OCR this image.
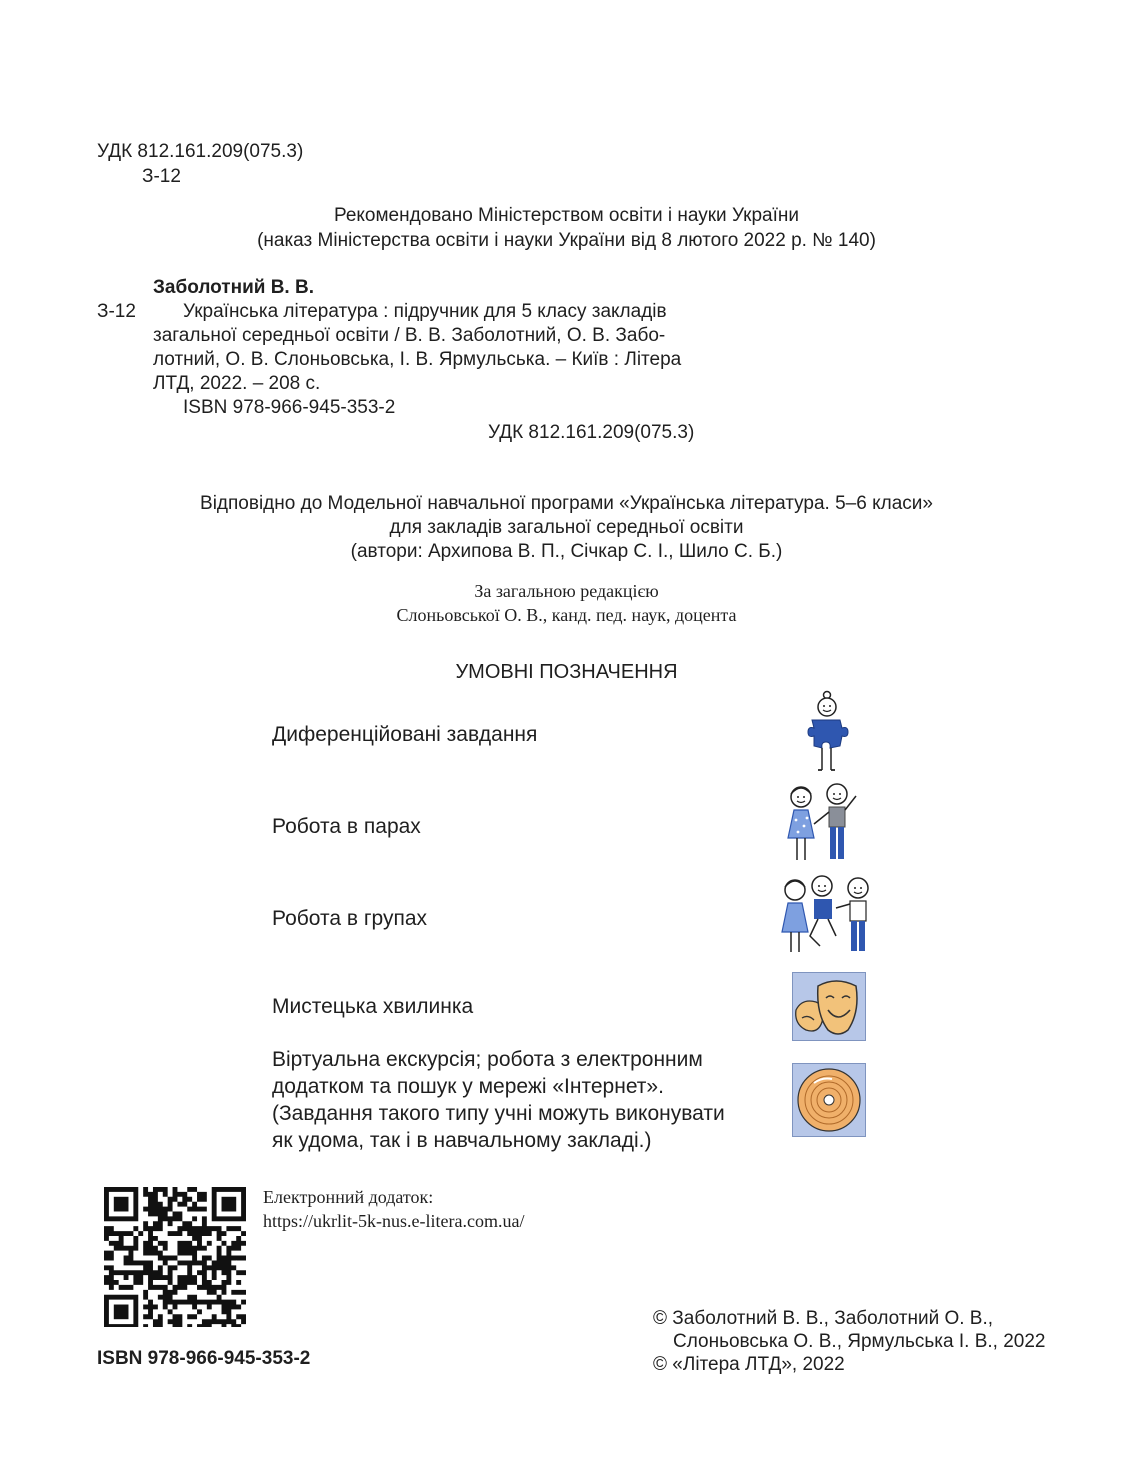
УДК 812.161.209(075.3)
З-12
Рекомендовано Міністерством освіти і науки України
(наказ Міністерства освіти і науки України від 8 лютого 2022 р. № 140)
Заболотний В. В.
З-12 Українська література : підручник для 5 класу закладів
загальної середньої освіти / В. В. Заболотний, О. В. Забо-
лотний, О. В. Слоньовська, І. В. Ярмульська. – Київ : Літера
ЛТД, 2022. – 208 с.
ISBN 978-966-945-353-2
УДК 812.161.209(075.3)
Відповідно до Модельної навчальної програми «Українська література. 5–6 класи»
для закладів загальної середньої освіти
(автори: Архипова В. П., Січкар С. І., Шило С. Б.)
За загальною редакцією
Слоньовської О. В., канд. пед. наук, доцента
УМОВНІ ПОЗНАЧЕННЯ
Диференційовані завдання
Робота в парах
Робота в групах
Мистецька хвилинка
Віртуальна екскурсія; робота з електронним
додатком та пошук у мережі «Інтернет».
(Завдання такого типу учні можуть виконувати
як удома, так і в навчальному закладі.)
Електронний додаток:
https://ukrlit-5k-nus.e-litera.com.ua/
ISBN 978-966-945-353-2
© Заболотний В. В., Заболотний О. В.,
Слоньовська О. В., Ярмульська І. В., 2022
© «Літера ЛТД», 2022
